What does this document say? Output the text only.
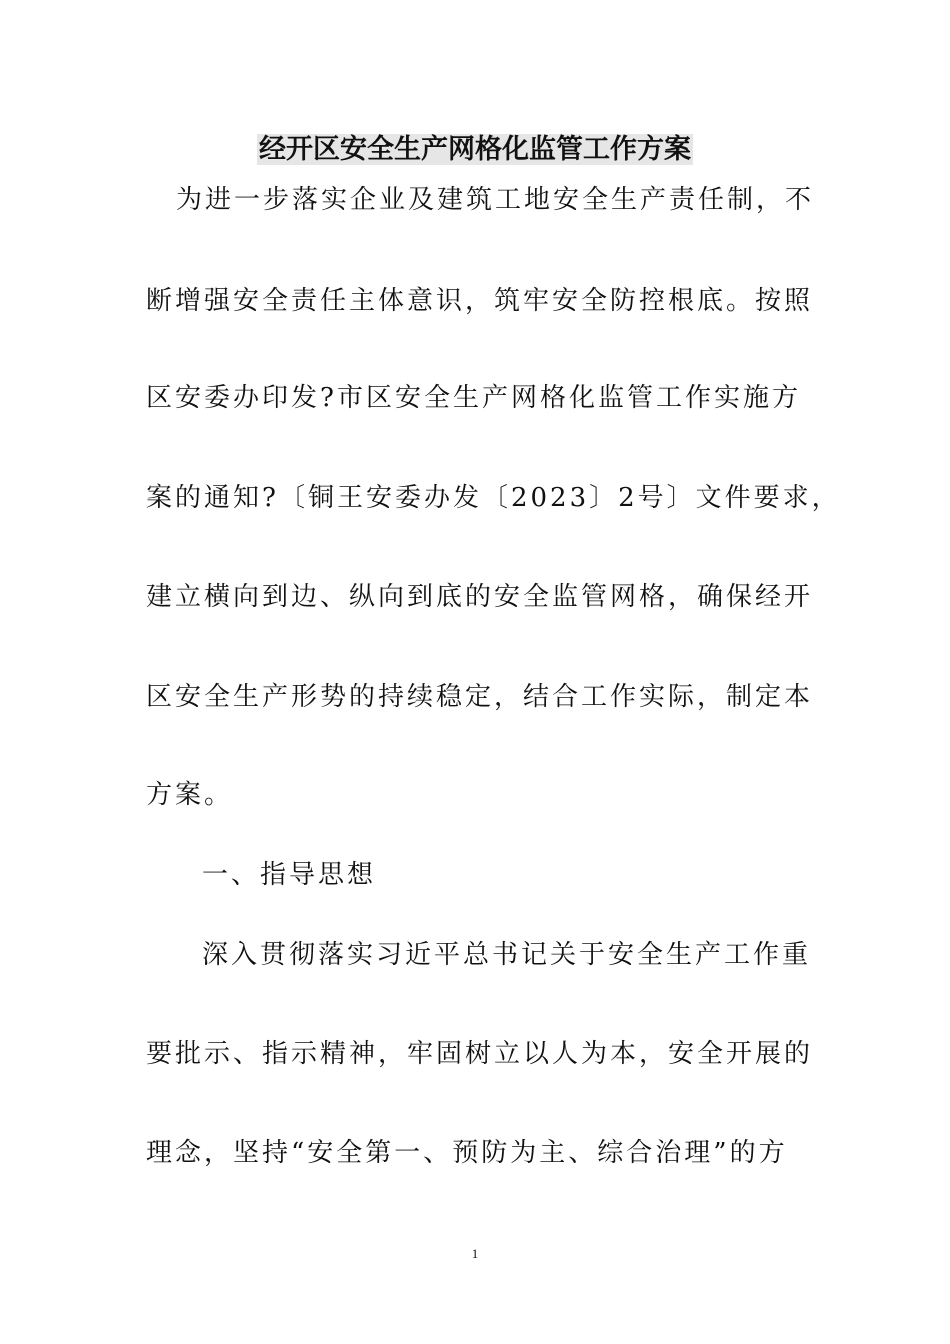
经开区安全生产网格化监管工作方案
为进一步落实企业及建筑工地安全生产责任制，不
断增强安全责任主体意识，筑牢安全防控根底。按照
区安委办印发?市区安全生产网格化监管工作实施方
案的通知?〔铜王安委办发〔2023〕2号〕文件要求，
建立横向到边、纵向到底的安全监管网格，确保经开
区安全生产形势的持续稳定，结合工作实际，制定本
方案。
一、指导思想
深入贯彻落实习近平总书记关于安全生产工作重
要批示、指示精神，牢固树立以人为本，安全开展的
理念，坚持“安全第一、预防为主、综合治理”的方
1
